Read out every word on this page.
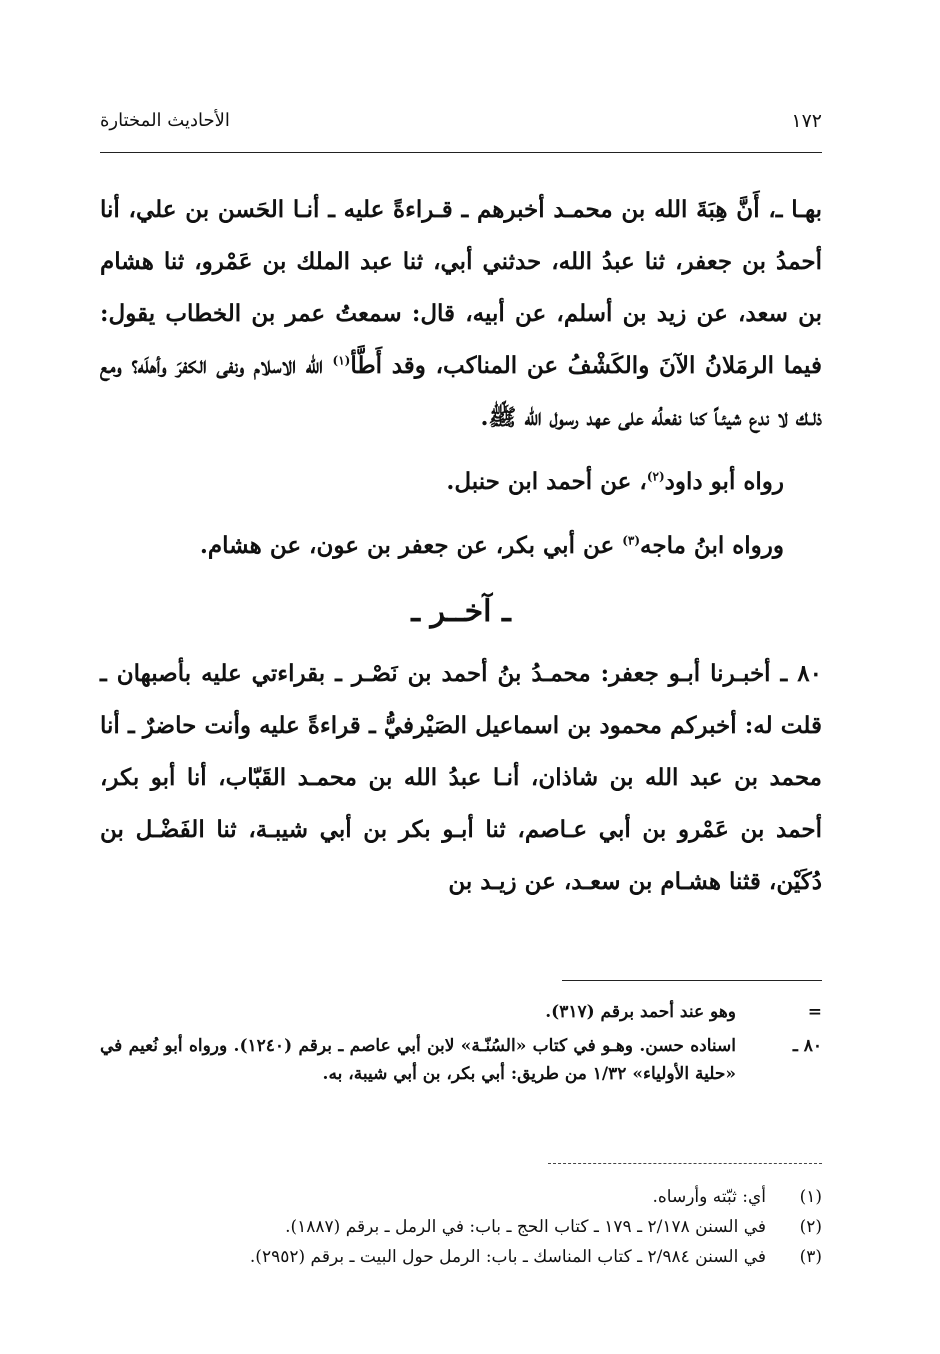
١٧٢
الأحاديث المختارة

بهـا ـ، أَنَّ هِبَةَ الله بن محمـد أخبرهم ـ قـراءةً عليه ـ أنـا الحَسن بن علي، أنا أحمدُ بن جعفر، ثنا عبدُ الله، حدثني أبي، ثنا عبد الملك بن عَمْرو، ثنا هشام بن سعد، عن زيد بن أسلم، عن أبيه، قال: سمعتُ عمر بن الخطاب يقول: فيما الرمَلانُ الآنَ والكَشْفُ عن المناكب، وقد أَطَّأ$^{(١)}$ الله الاسلام ونفى الكفرَ وأهلَه؟ ومع ذلـك لا ندع شيئـاً كنا نفعلُه على عهد رسول الله ﷺ.

رواه أبو داود$^{(٢)}$، عن أحمد ابن حنبل.

ورواه ابنُ ماجه$^{(٣)}$ عن أبي بكر، عن جعفر بن عون، عن هشام.

ـ آخــر ـ

٨٠ ـ أخبـرنا أبـو جعفر: محمـدُ بنُ أحمد بن نَصْـر ـ بقراءتي عليه بأصبهان ـ قلت له: أخبركم محمود بن اسماعيل الصَيْرفيُّ ـ قراءةً عليه وأنت حاضرٌ ـ أنا محمد بن عبد الله بن شاذان، أنـا عبدُ الله بن محمـد القَبّاب، أنا أبو بكر، أحمد بن عَمْرو بن أبي عـاصم، ثنا أبـو بكر بن أبي شيبـة، ثنا الفَضْـل بن دُكَيْن، قثنا هشـام بن سعـد، عن زيـد بن

=
وهو عند أحمد برقم (٣١٧).
٨٠ ـ
اسناده حسن. وهـو في كتاب «السُنّـة» لابن أبي عاصم ـ برقم (١٢٤٠). ورواه أبو نُعيم في «حلية الأولياء» ١/٣٢ من طريق: أبي بكر، بن أبي شيبة، به.
(١)
أي: ثبّته وأرساه.
(٢)
في السنن ٢/١٧٨ ـ ١٧٩ ـ كتاب الحج ـ باب: في الرمل ـ برقم (١٨٨٧).
(٣)
في السنن ٢/٩٨٤ ـ كتاب المناسك ـ باب: الرمل حول البيت ـ برقم (٢٩٥٢).
